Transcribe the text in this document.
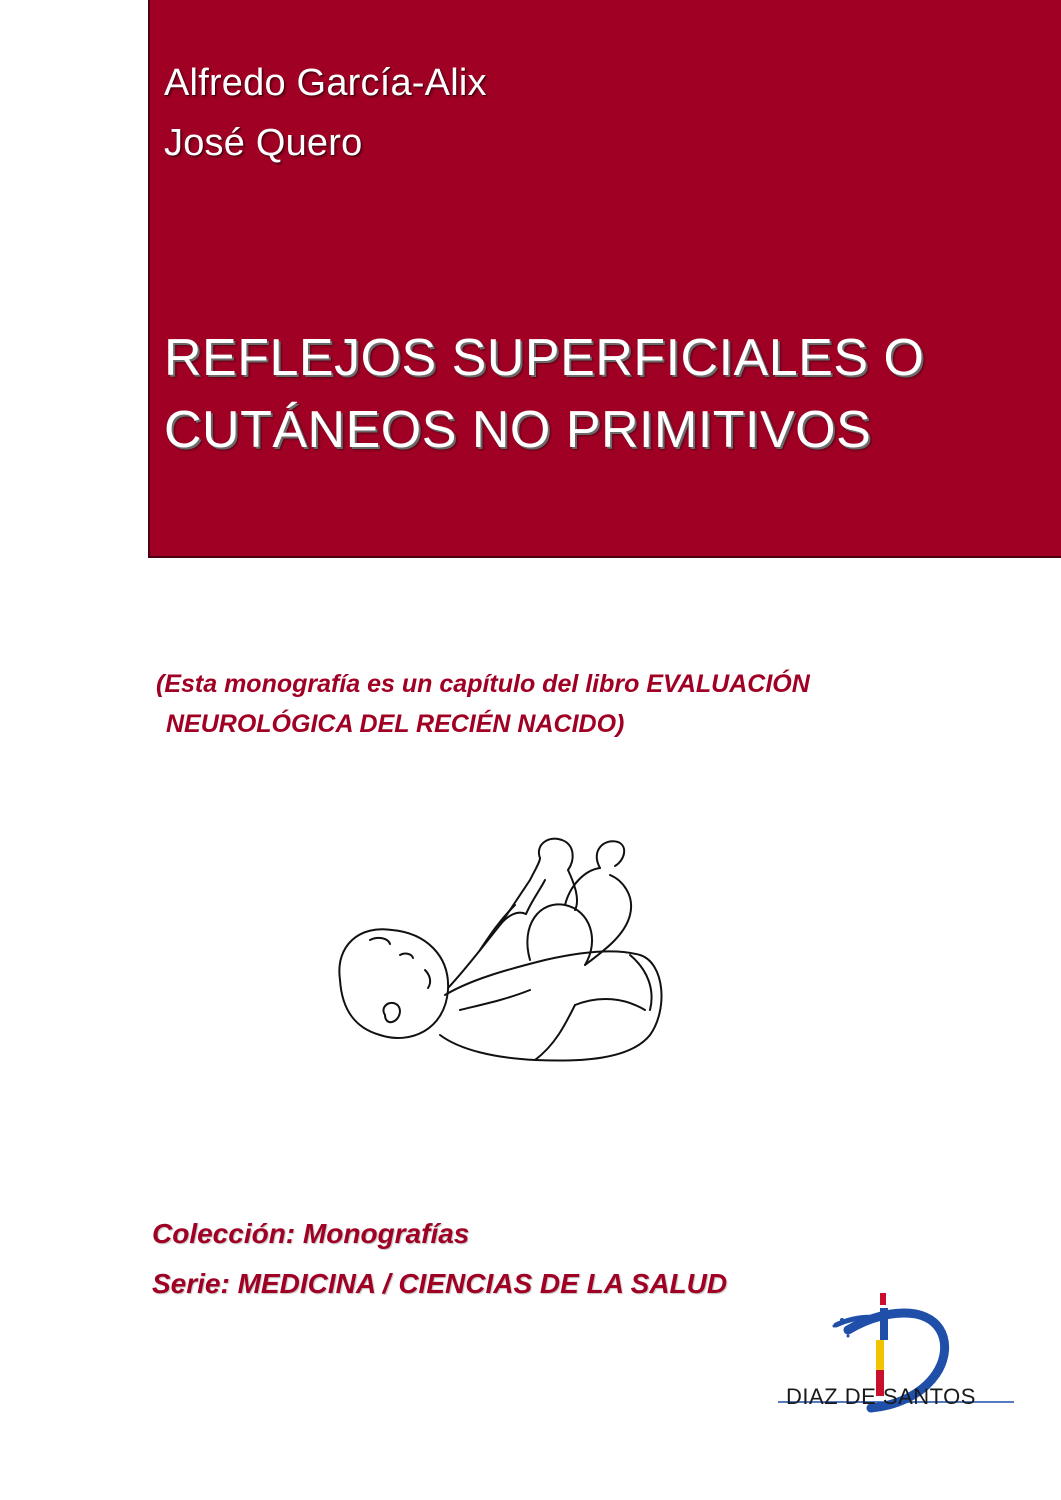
Alfredo García-Alix
José Quero
REFLEJOS SUPERFICIALES O
CUTÁNEOS NO PRIMITIVOS
(Esta monografía es un capítulo del libro EVALUACIÓN
NEUROLÓGICA DEL RECIÉN NACIDO)
Colección: Monografías
Serie: MEDICINA / CIENCIAS DE LA SALUD
DIAZ DE SANTOS
